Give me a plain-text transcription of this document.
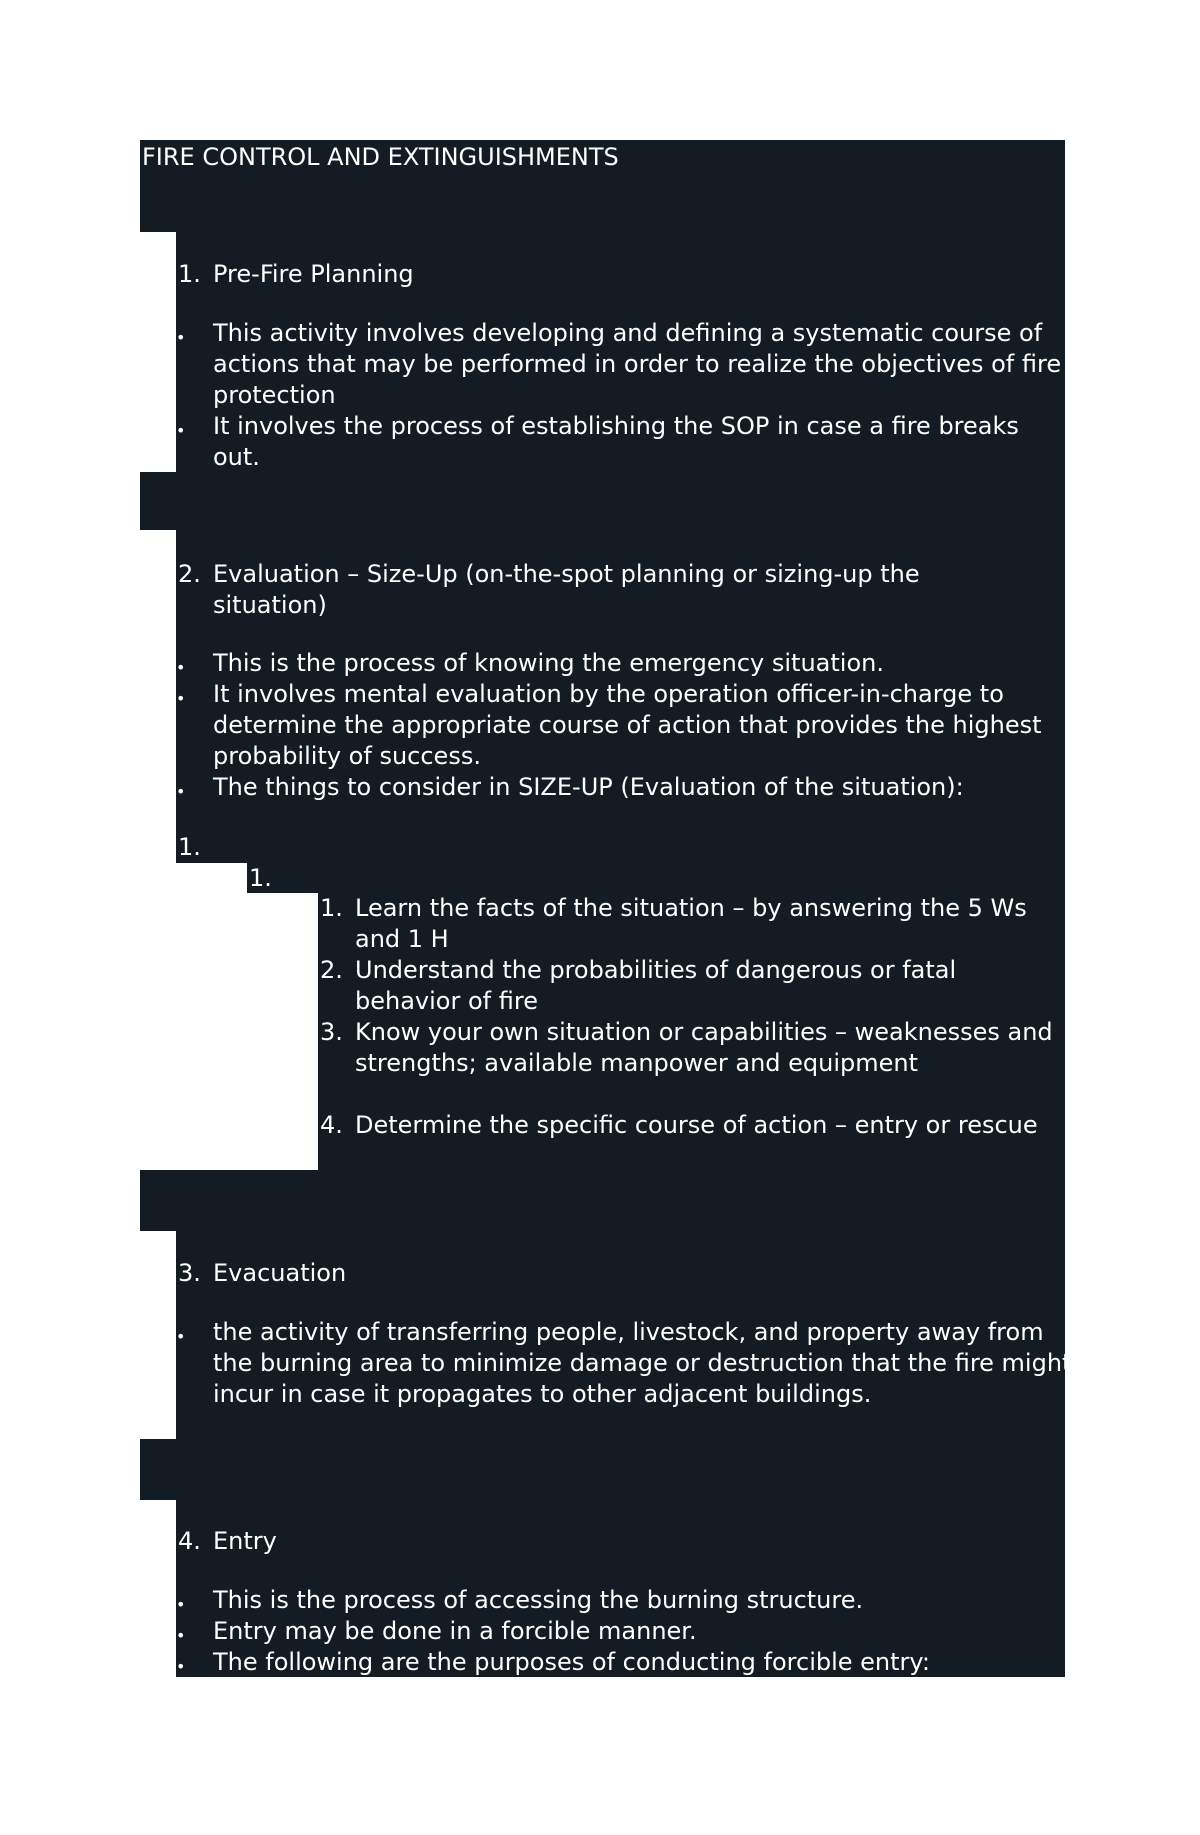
FIRE CONTROL AND EXTINGUISHMENTS
1. Pre-Fire Planning
• This activity involves developing and defining a systematic course of actions that may be performed in order to realize the objectives of fire protection
• It involves the process of establishing the SOP in case a fire breaks out.
2. Evaluation – Size-Up (on-the-spot planning or sizing-up the situation)
• This is the process of knowing the emergency situation.
• It involves mental evaluation by the operation officer-in-charge to determine the appropriate course of action that provides the highest probability of success.
• The things to consider in SIZE-UP (Evaluation of the situation):
1.
1.
1. Learn the facts of the situation – by answering the 5 Ws and 1 H
2. Understand the probabilities of dangerous or fatal behavior of fire
3. Know your own situation or capabilities – weaknesses and strengths; available manpower and equipment
4. Determine the specific course of action – entry or rescue
3. Evacuation
• the activity of transferring people, livestock, and property away from the burning area to minimize damage or destruction that the fire might incur in case it propagates to other adjacent buildings.
4. Entry
• This is the process of accessing the burning structure.
• Entry may be done in a forcible manner.
• The following are the purposes of conducting forcible entry:
